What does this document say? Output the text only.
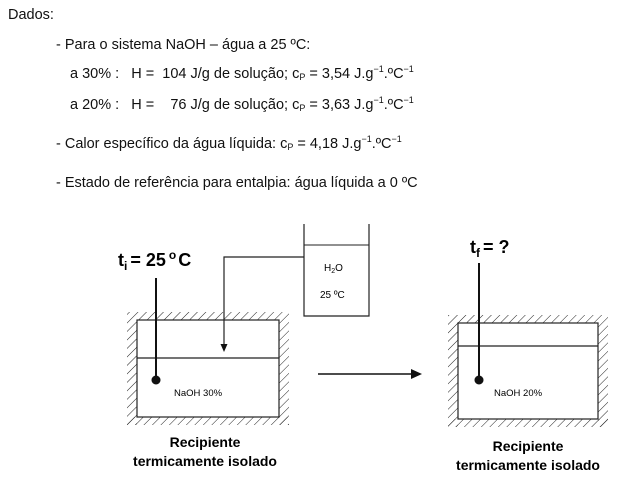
Dados:
- Para o sistema NaOH – água a 25 ºC:
a 30% : H = 104 J/g de solução; $c_P = 3,54$ $J.g^{-1}.ºC^{-1}$
a 20% : H = 76 J/g de solução; $c_P = 3,63$ $J.g^{-1}.ºC^{-1}$
- Calor específico da água líquida: $c_P = 4,18$ $J.g^{-1}.ºC^{-1}$
- Estado de referência para entalpia: água líquida a 0 ºC
NaOH 30%
$t_i = 25$ $^o$ C	$H_2O$
25 ºC
NaOH 20%
$t_f$ = ?
Recipiente
termicamente isolado
Recipiente
termicamente isolado
